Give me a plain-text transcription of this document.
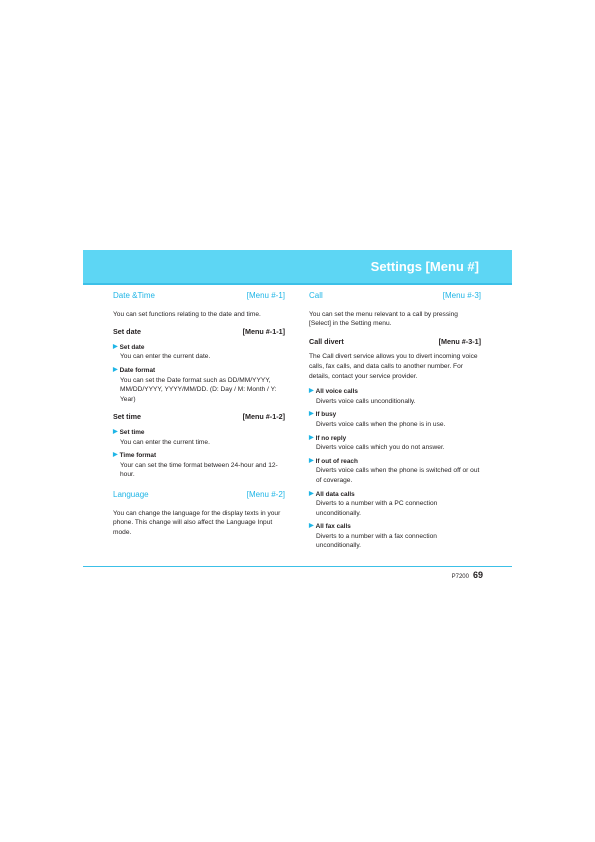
Settings [Menu #]
Date &Time	[Menu #-1]

You can set functions relating to the date and time.

Set date	[Menu #-1-1]
▶ Set date

You can enter the current date.

▶ Date format

You can set the Date format such as DD/MM/YYYY, MM/DD/YYYY, YYYY/MM/DD. (D: Day / M: Month / Y: Year)

Set time	[Menu #-1-2]
▶ Set time

You can enter the current time.

▶ Time format

Your can set the time format between 24-hour and 12-hour.

Language	[Menu #-2]

You can change the language for the display texts in your phone. This change will also affect the Language Input mode.

Call	[Menu #-3]

You can set the menu relevant to a call by pressing [Select] in the Setting menu.

Call divert	[Menu #-3-1]

The Call divert service allows you to divert incoming voice calls, fax calls, and data calls to another number. For details, contact your service provider.

▶ All voice calls

Diverts voice calls unconditionally.

▶ If busy

Diverts voice calls when the phone is in use.

▶ If no reply

Diverts voice calls which you do not answer.

▶ If out of reach

Diverts voice calls when the phone is switched off or out of coverage.

▶ All data calls

Diverts to a number with a PC connection unconditionally.

▶ All fax calls

Diverts to a number with a fax connection unconditionally.

P7200 69
